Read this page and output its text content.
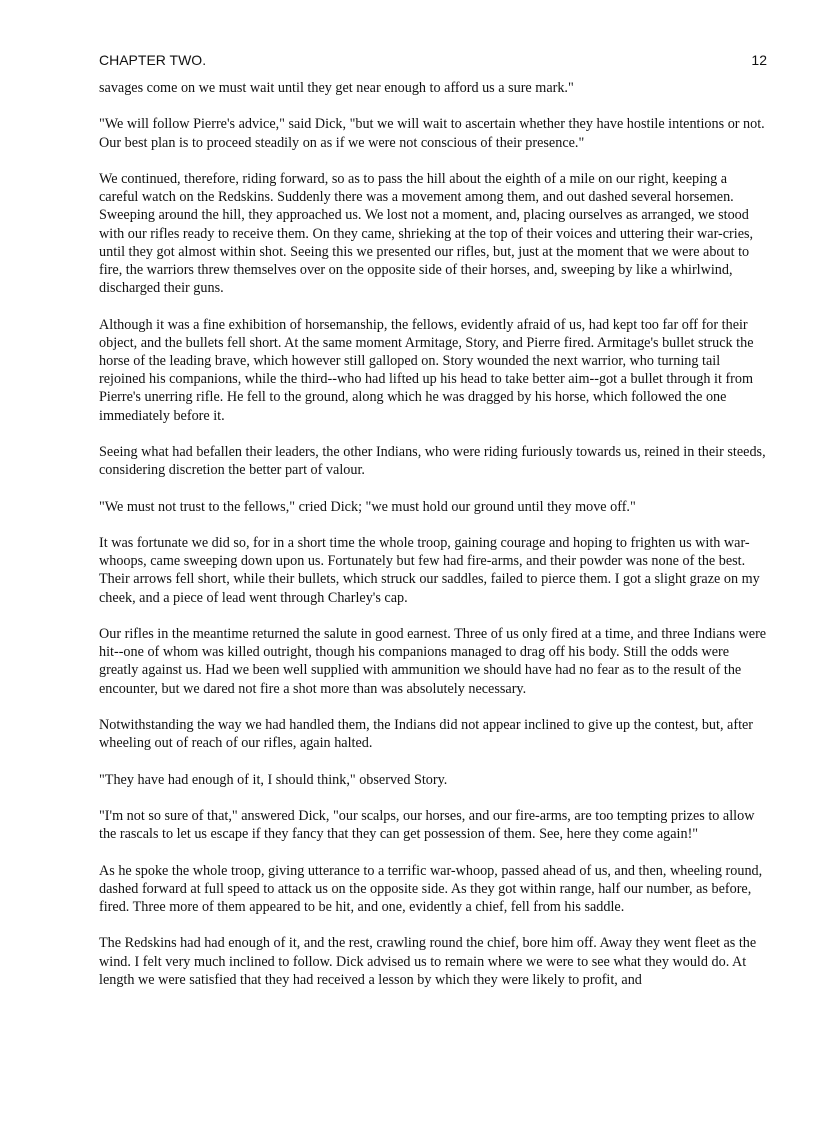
CHAPTER TWO.	12

savages come on we must wait until they get near enough to afford us a sure mark."

"We will follow Pierre's advice," said Dick, "but we will wait to ascertain whether they have hostile intentions or not. Our best plan is to proceed steadily on as if we were not conscious of their presence."

We continued, therefore, riding forward, so as to pass the hill about the eighth of a mile on our right, keeping a careful watch on the Redskins. Suddenly there was a movement among them, and out dashed several horsemen. Sweeping around the hill, they approached us. We lost not a moment, and, placing ourselves as arranged, we stood with our rifles ready to receive them. On they came, shrieking at the top of their voices and uttering their war-cries, until they got almost within shot. Seeing this we presented our rifles, but, just at the moment that we were about to fire, the warriors threw themselves over on the opposite side of their horses, and, sweeping by like a whirlwind, discharged their guns.

Although it was a fine exhibition of horsemanship, the fellows, evidently afraid of us, had kept too far off for their object, and the bullets fell short. At the same moment Armitage, Story, and Pierre fired. Armitage's bullet struck the horse of the leading brave, which however still galloped on. Story wounded the next warrior, who turning tail rejoined his companions, while the third--who had lifted up his head to take better aim--got a bullet through it from Pierre's unerring rifle. He fell to the ground, along which he was dragged by his horse, which followed the one immediately before it.

Seeing what had befallen their leaders, the other Indians, who were riding furiously towards us, reined in their steeds, considering discretion the better part of valour.

"We must not trust to the fellows," cried Dick; "we must hold our ground until they move off."

It was fortunate we did so, for in a short time the whole troop, gaining courage and hoping to frighten us with war-whoops, came sweeping down upon us. Fortunately but few had fire-arms, and their powder was none of the best. Their arrows fell short, while their bullets, which struck our saddles, failed to pierce them. I got a slight graze on my cheek, and a piece of lead went through Charley's cap.

Our rifles in the meantime returned the salute in good earnest. Three of us only fired at a time, and three Indians were hit--one of whom was killed outright, though his companions managed to drag off his body. Still the odds were greatly against us. Had we been well supplied with ammunition we should have had no fear as to the result of the encounter, but we dared not fire a shot more than was absolutely necessary.

Notwithstanding the way we had handled them, the Indians did not appear inclined to give up the contest, but, after wheeling out of reach of our rifles, again halted.

"They have had enough of it, I should think," observed Story.

"I'm not so sure of that," answered Dick, "our scalps, our horses, and our fire-arms, are too tempting prizes to allow the rascals to let us escape if they fancy that they can get possession of them. See, here they come again!"

As he spoke the whole troop, giving utterance to a terrific war-whoop, passed ahead of us, and then, wheeling round, dashed forward at full speed to attack us on the opposite side. As they got within range, half our number, as before, fired. Three more of them appeared to be hit, and one, evidently a chief, fell from his saddle.

The Redskins had had enough of it, and the rest, crawling round the chief, bore him off. Away they went fleet as the wind. I felt very much inclined to follow. Dick advised us to remain where we were to see what they would do. At length we were satisfied that they had received a lesson by which they were likely to profit, and
